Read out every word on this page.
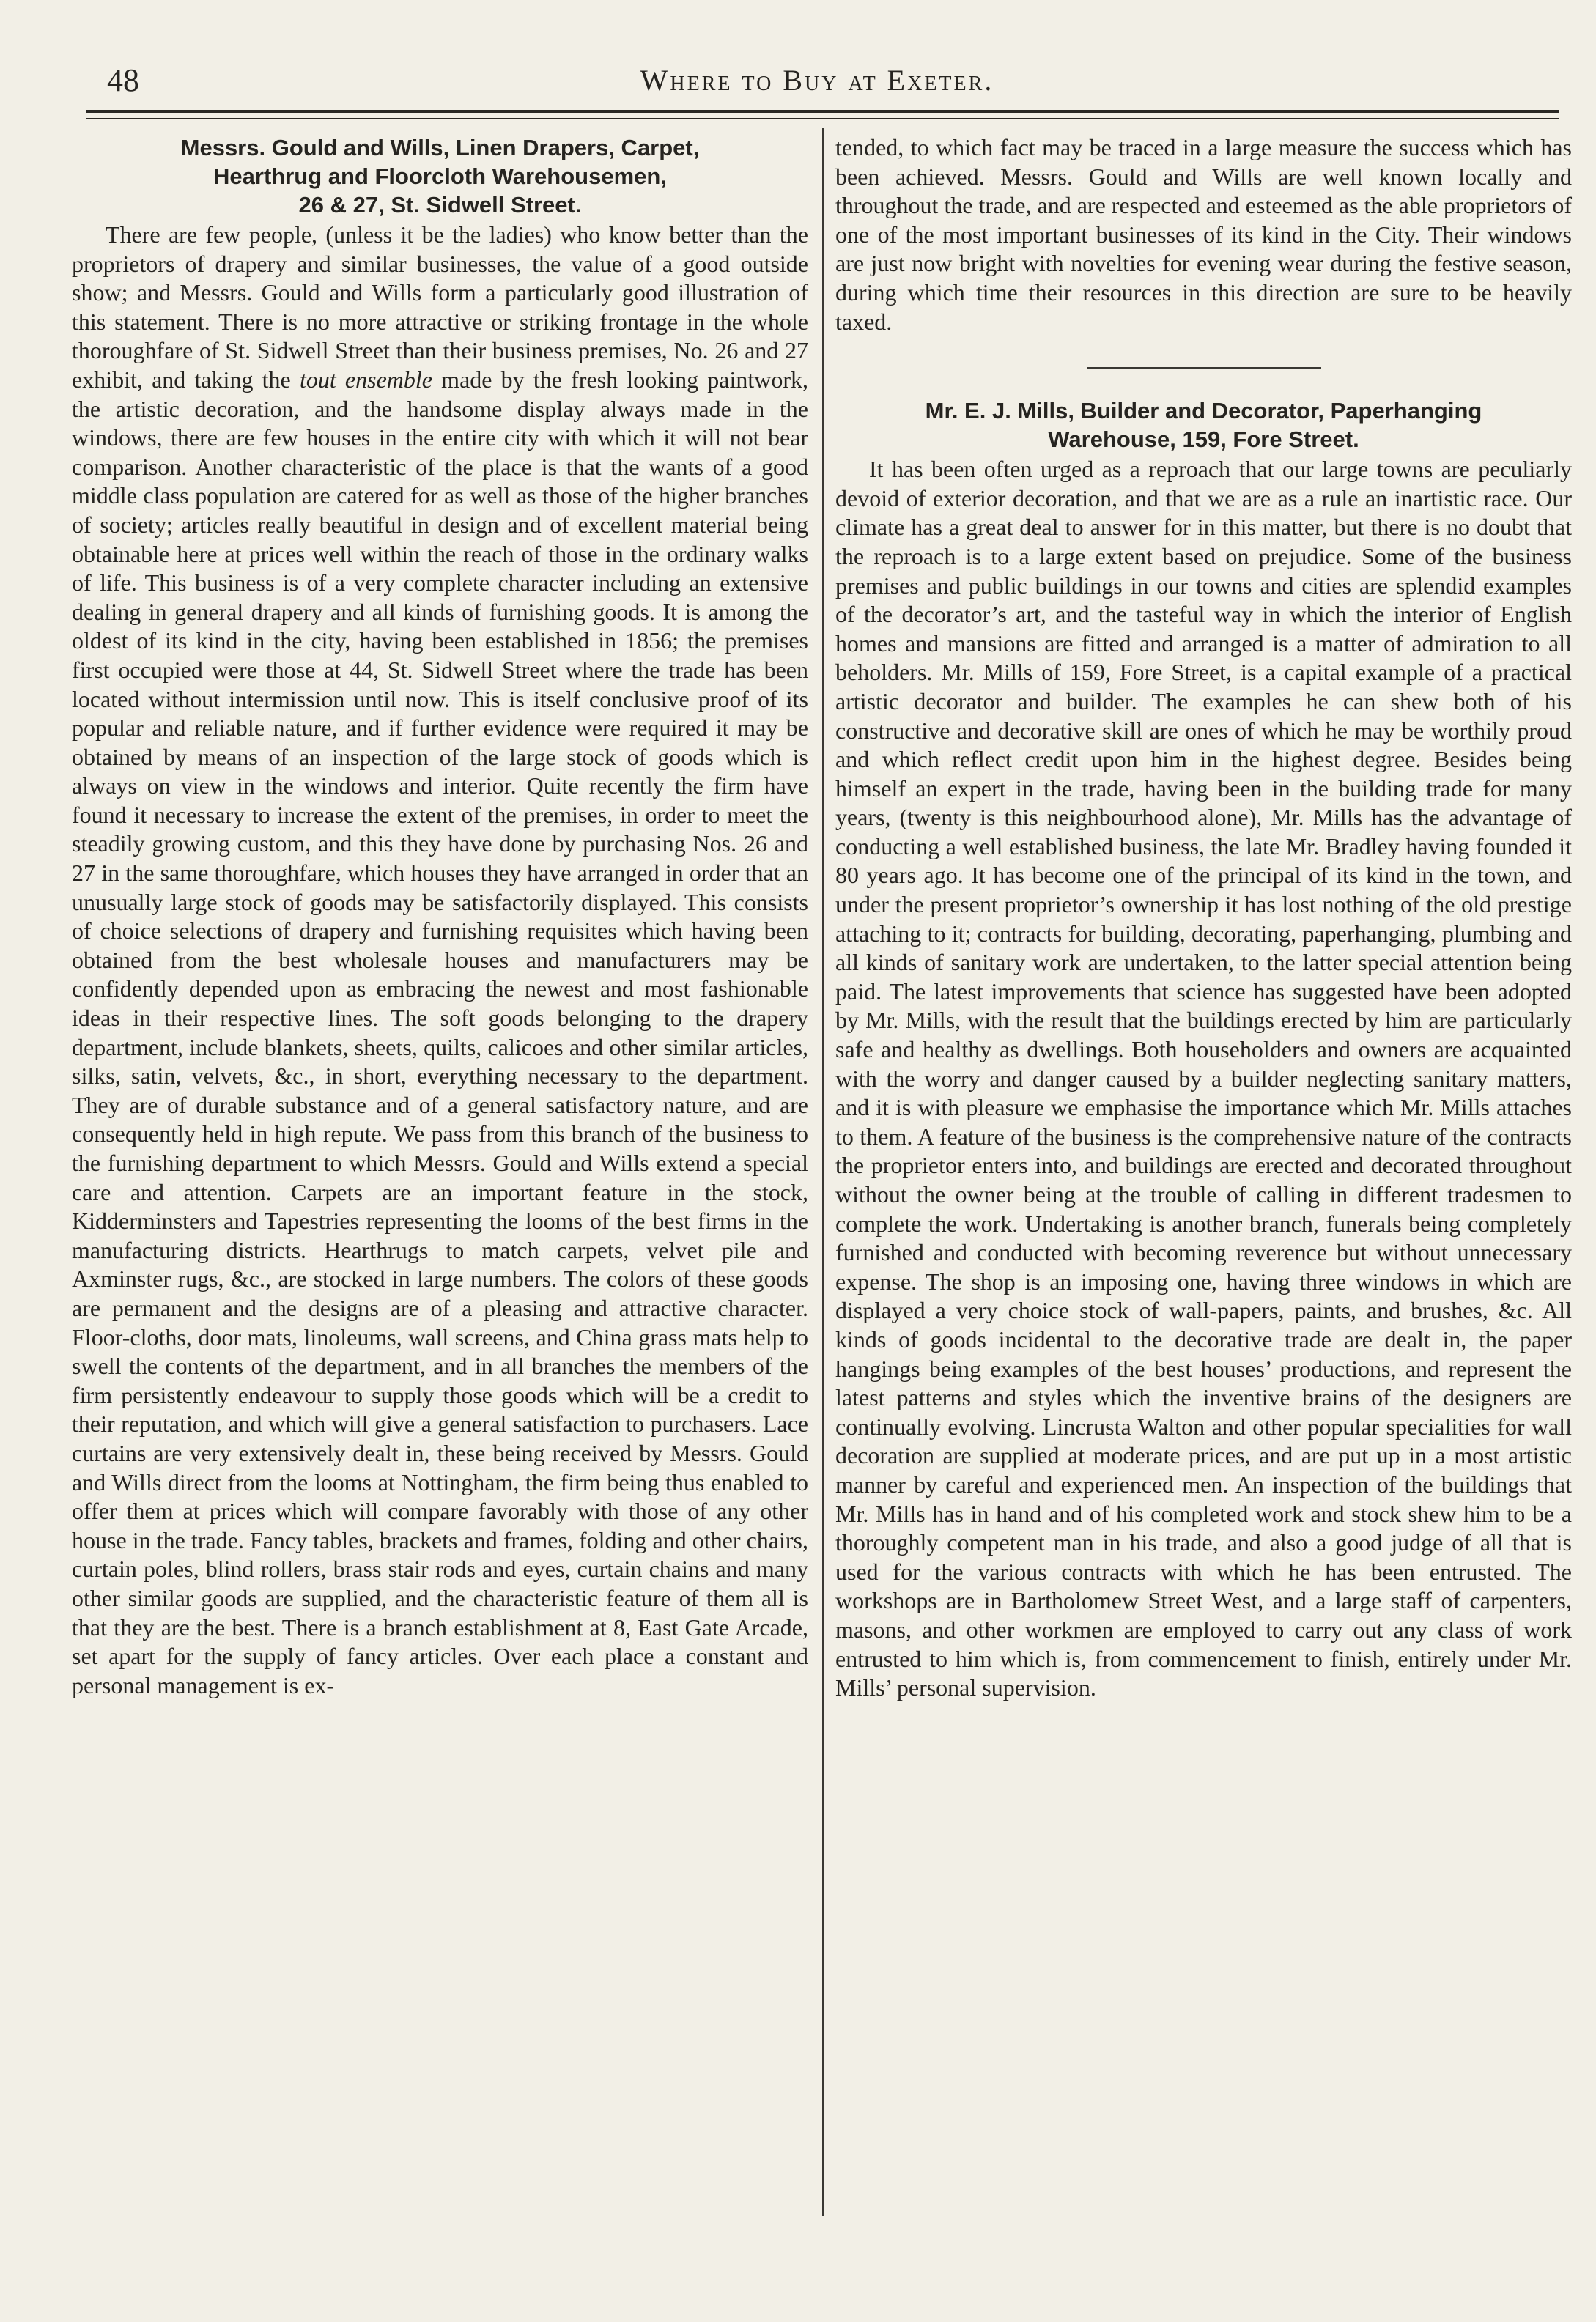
48	Where to Buy at Exeter.
Messrs. Gould and Wills, Linen Drapers, Carpet,
Hearthrug and Floorcloth Warehousemen,
26 & 27, St. Sidwell Street.

There are few people, (unless it be the ladies) who know better than the proprietors of drapery and similar businesses, the value of a good outside show; and Messrs. Gould and Wills form a particularly good illustration of this statement. There is no more attractive or striking frontage in the whole thoroughfare of St. Sidwell Street than their business premises, No. 26 and 27 exhibit, and taking the tout ensemble made by the fresh looking paintwork, the artistic decoration, and the handsome display always made in the windows, there are few houses in the entire city with which it will not bear comparison. Another characteristic of the place is that the wants of a good middle class population are catered for as well as those of the higher branches of society; articles really beautiful in design and of excellent material being obtainable here at prices well within the reach of those in the ordinary walks of life. This business is of a very complete character including an extensive dealing in general drapery and all kinds of furnishing goods. It is among the oldest of its kind in the city, having been established in 1856; the premises first occupied were those at 44, St. Sidwell Street where the trade has been located without intermission until now. This is itself conclusive proof of its popular and reliable nature, and if further evidence were required it may be obtained by means of an inspection of the large stock of goods which is always on view in the windows and interior. Quite recently the firm have found it necessary to increase the extent of the premises, in order to meet the steadily growing custom, and this they have done by purchasing Nos. 26 and 27 in the same thoroughfare, which houses they have arranged in order that an unusually large stock of goods may be satisfactorily displayed. This consists of choice selections of drapery and furnishing requisites which having been obtained from the best wholesale houses and manufacturers may be confidently depended upon as embracing the newest and most fashionable ideas in their respective lines. The soft goods belonging to the drapery department, include blankets, sheets, quilts, calicoes and other similar articles, silks, satin, velvets, &c., in short, everything necessary to the department. They are of durable substance and of a general satisfactory nature, and are consequently held in high repute. We pass from this branch of the business to the furnishing department to which Messrs. Gould and Wills extend a special care and attention. Carpets are an important feature in the stock, Kidderminsters and Tapestries representing the looms of the best firms in the manufacturing districts. Hearthrugs to match carpets, velvet pile and Axminster rugs, &c., are stocked in large numbers. The colors of these goods are permanent and the designs are of a pleasing and attractive character. Floor-cloths, door mats, linoleums, wall screens, and China grass mats help to swell the contents of the department, and in all branches the members of the firm persistently endeavour to supply those goods which will be a credit to their reputation, and which will give a general satisfaction to purchasers. Lace curtains are very extensively dealt in, these being received by Messrs. Gould and Wills direct from the looms at Nottingham, the firm being thus enabled to offer them at prices which will compare favorably with those of any other house in the trade. Fancy tables, brackets and frames, folding and other chairs, curtain poles, blind rollers, brass stair rods and eyes, curtain chains and many other similar goods are supplied, and the characteristic feature of them all is that they are the best. There is a branch establishment at 8, East Gate Arcade, set apart for the supply of fancy articles. Over each place a constant and personal management is ex-

tended, to which fact may be traced in a large measure the success which has been achieved. Messrs. Gould and Wills are well known locally and throughout the trade, and are respected and esteemed as the able proprietors of one of the most important businesses of its kind in the City. Their windows are just now bright with novelties for evening wear during the festive season, during which time their resources in this direction are sure to be heavily taxed.

Mr. E. J. Mills, Builder and Decorator, Paperhanging
Warehouse, 159, Fore Street.

It has been often urged as a reproach that our large towns are peculiarly devoid of exterior decoration, and that we are as a rule an inartistic race. Our climate has a great deal to answer for in this matter, but there is no doubt that the reproach is to a large extent based on prejudice. Some of the business premises and public buildings in our towns and cities are splendid examples of the decorator’s art, and the tasteful way in which the interior of English homes and mansions are fitted and arranged is a matter of admiration to all beholders. Mr. Mills of 159, Fore Street, is a capital example of a practical artistic decorator and builder. The examples he can shew both of his constructive and decorative skill are ones of which he may be worthily proud and which reflect credit upon him in the highest degree. Besides being himself an expert in the trade, having been in the building trade for many years, (twenty is this neighbourhood alone), Mr. Mills has the advantage of conducting a well established business, the late Mr. Bradley having founded it 80 years ago. It has become one of the principal of its kind in the town, and under the present proprietor’s ownership it has lost nothing of the old prestige attaching to it; contracts for building, decorating, paperhanging, plumbing and all kinds of sanitary work are undertaken, to the latter special attention being paid. The latest improvements that science has suggested have been adopted by Mr. Mills, with the result that the buildings erected by him are particularly safe and healthy as dwellings. Both householders and owners are acquainted with the worry and danger caused by a builder neglecting sanitary matters, and it is with pleasure we emphasise the importance which Mr. Mills attaches to them. A feature of the business is the comprehensive nature of the contracts the proprietor enters into, and buildings are erected and decorated throughout without the owner being at the trouble of calling in different tradesmen to complete the work. Undertaking is another branch, funerals being completely furnished and conducted with becoming reverence but without unnecessary expense. The shop is an imposing one, having three windows in which are displayed a very choice stock of wall-papers, paints, and brushes, &c. All kinds of goods incidental to the decorative trade are dealt in, the paper hangings being examples of the best houses’ productions, and represent the latest patterns and styles which the inventive brains of the designers are continually evolving. Lincrusta Walton and other popular specialities for wall decoration are supplied at moderate prices, and are put up in a most artistic manner by careful and experienced men. An inspection of the buildings that Mr. Mills has in hand and of his completed work and stock shew him to be a thoroughly competent man in his trade, and also a good judge of all that is used for the various contracts with which he has been entrusted. The workshops are in Bartholomew Street West, and a large staff of carpenters, masons, and other workmen are employed to carry out any class of work entrusted to him which is, from commencement to finish, entirely under Mr. Mills’ personal supervision.
